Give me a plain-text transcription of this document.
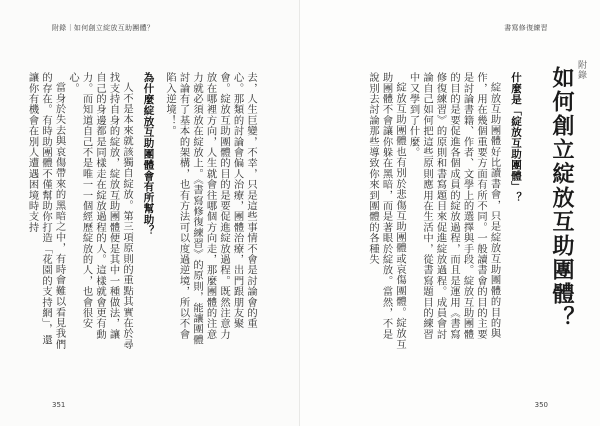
附錄｜如何創立綻放互助團體？

去，人生巨變，不幸，只是這些事情不會是討論會的重心。那類的討論會偏人治療，團體治療，出門跟朋友聚會。綻放互助團體的目的是要促進綻放過程。既然注意力放在哪裡方向，人生就會往哪個方向走，那麼團體的注意力就必須放在綻放上。《書寫修復練習》的原則，能讓團體討論有了基本的架構，也有方法可以度過逆境，所以不會陷入逆境！。

為什麼綻放互助團體會有所幫助？

人不是本來就該獨自綻放。第三項原則的重點其實在於尋找支持自身的綻放，綻放互助團體便是其中一種做法，讓自己的身邊都是同樣走在綻放過程的人。這樣就會更有動力。而知道自己不是唯一一個經歷綻放的人，也會很安心。

當身於失去與哀傷帶來的黑暗之中，有時會難以看見我們的存在。有時助團體不僅幫助你打造「花園的支持網」，還讓你有機會在別人遭遇困境時支持

351
書寫修復練習
附錄
如何創立綻放互助團體？

什麼是「綻放互助團體」？

綻放互助團體好比讀書會，只是綻放互助團體的目的與作，用在幾個重要方面有所不同。一般讀書會的目的主要是討論書籍、作者、文學上的選擇與手段。綻放互助團體的目的是要促進各個成員的綻放過程，而且是運用《書寫修復練習》的原則和書寫題目來促進綻放過程。成員會討論自己如何把這些原則應用在生活中，從書寫題目的練習中又學到了什麼。

綻放互助團體也有別於悲傷互助團體或哀傷團體。綻放互助團體不會讓你躲在黑暗，而是著眼於綻放。當然，不是說別去討論那些導致你來到團體的各種失

350
